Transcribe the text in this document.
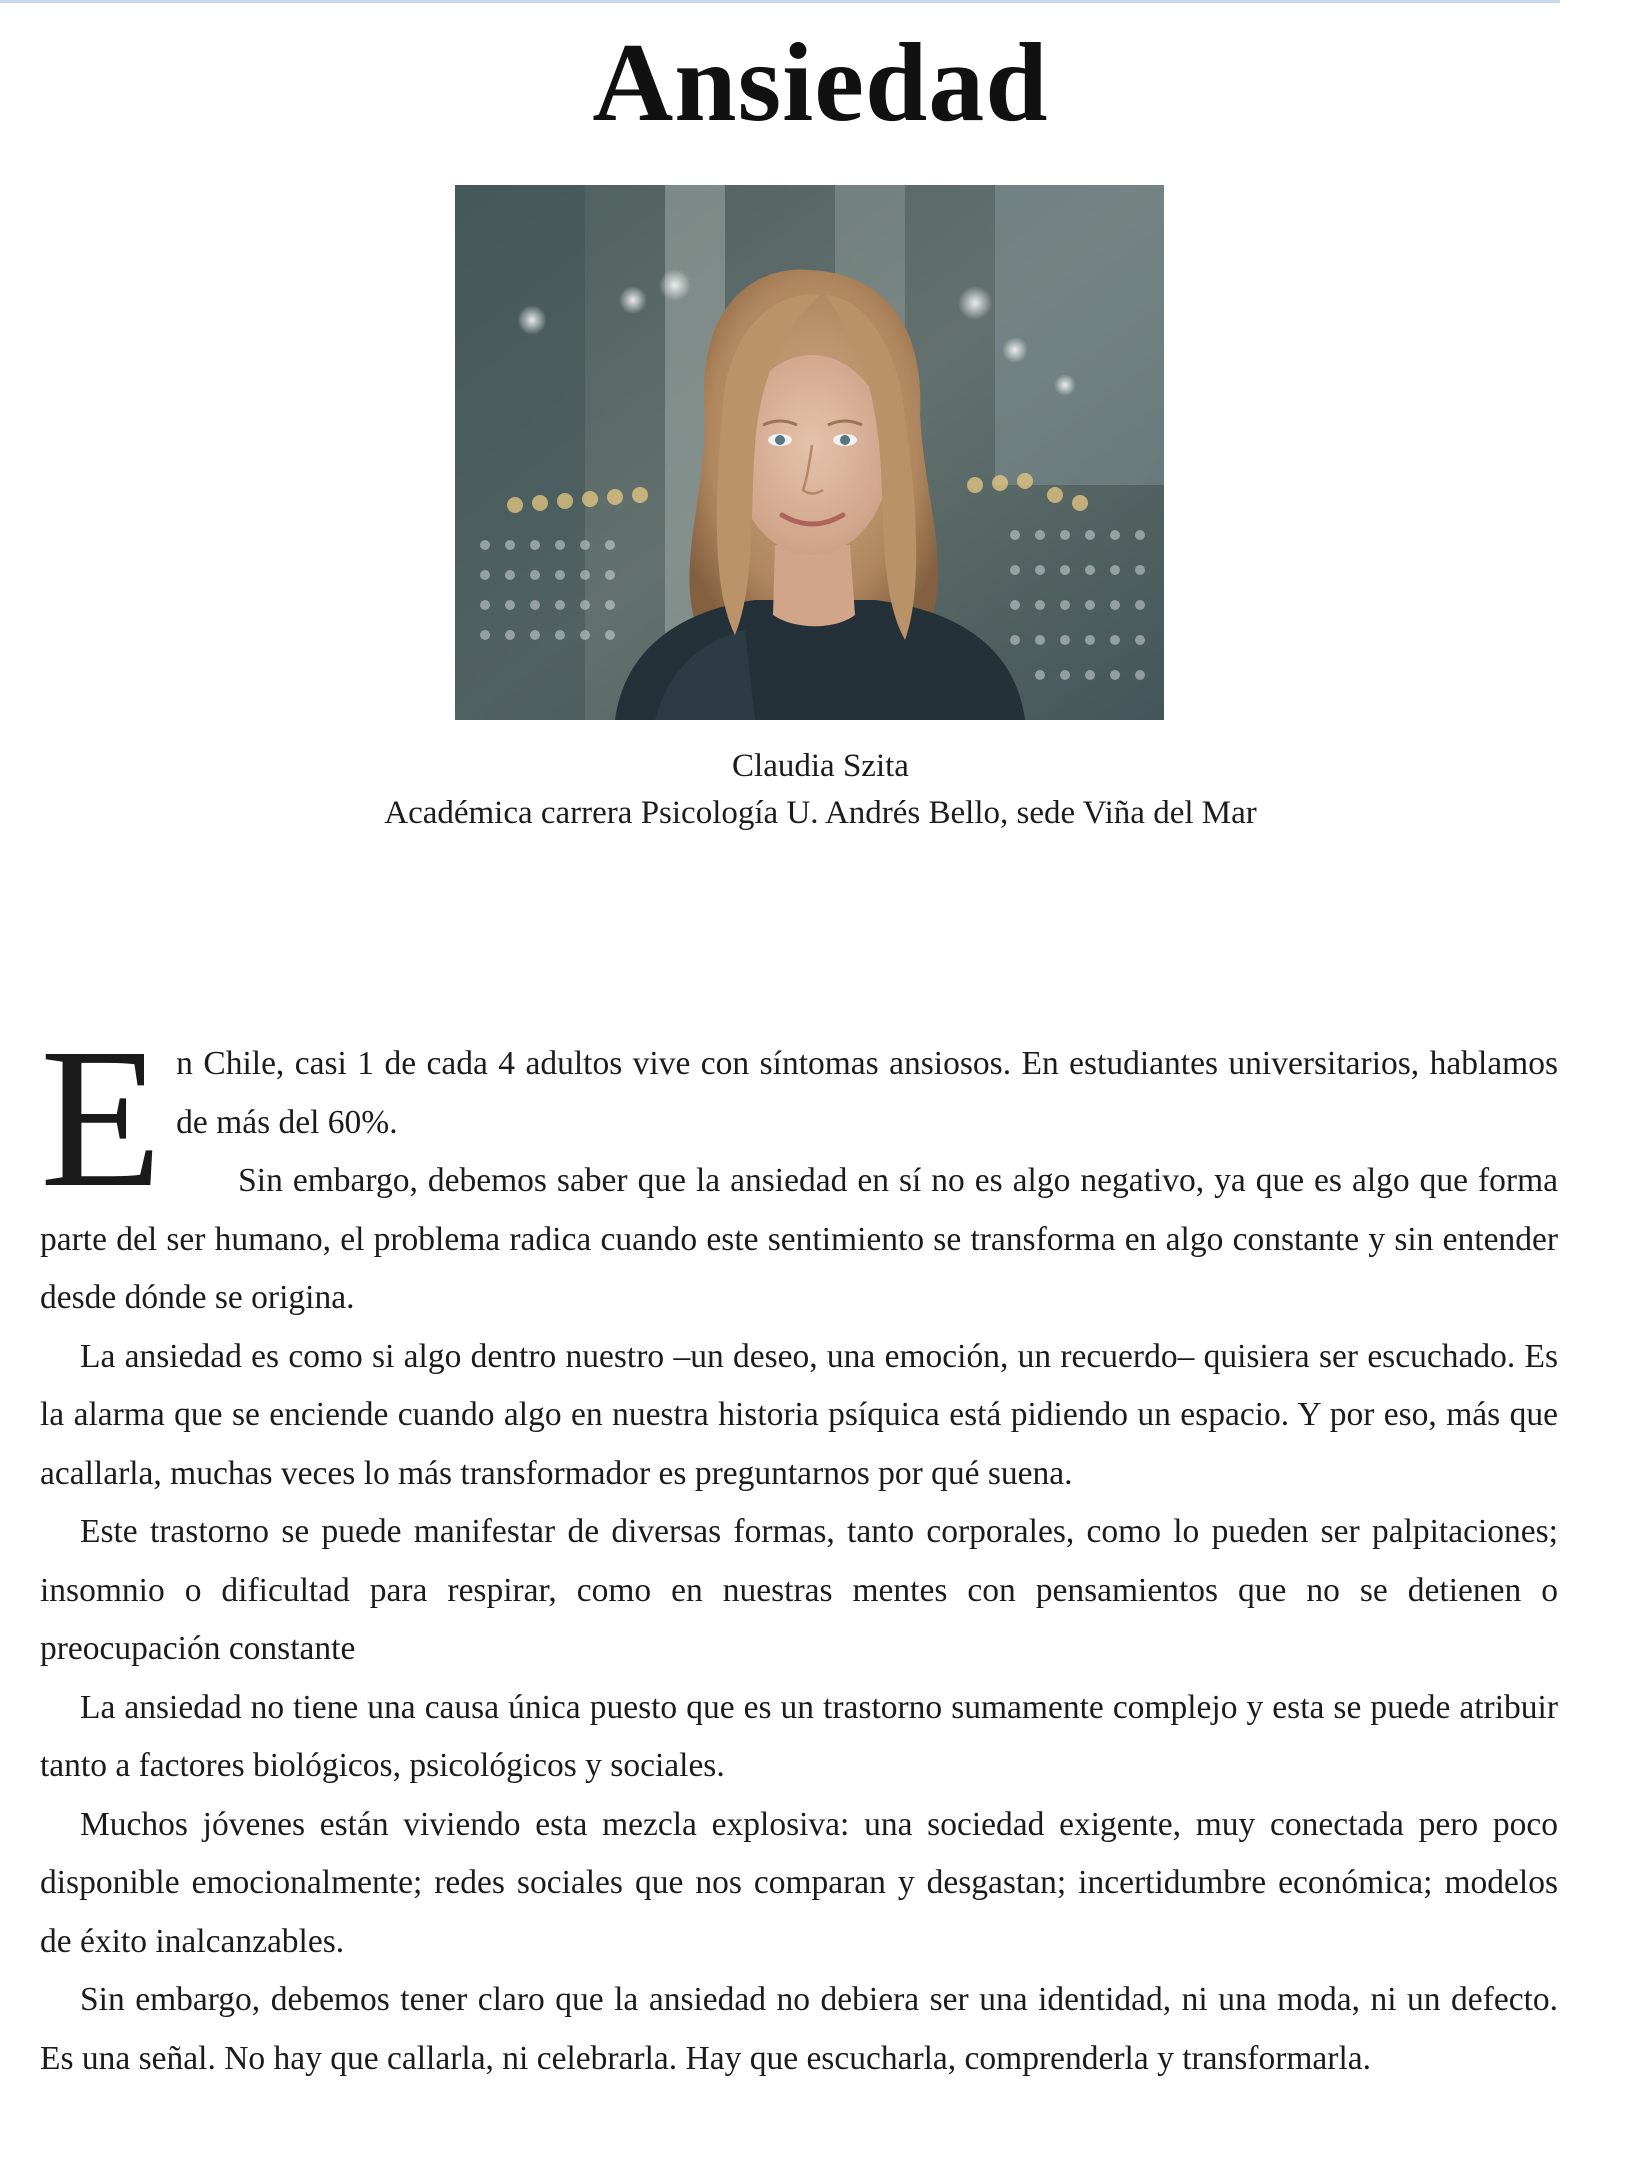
Ansiedad
Claudia Szita
Académica carrera Psicología U. Andrés Bello, sede Viña del Mar

En Chile, casi 1 de cada 4 adultos vive con síntomas ansiosos. En estudiantes universitarios, hablamos de más del 60%.

Sin embargo, debemos saber que la ansiedad en sí no es algo negativo, ya que es algo que forma parte del ser humano, el problema radica cuando este sentimiento se transforma en algo constante y sin entender desde dónde se origina.

La ansiedad es como si algo dentro nuestro –un deseo, una emoción, un recuerdo– quisiera ser escuchado. Es la alarma que se enciende cuando algo en nuestra historia psíquica está pidiendo un espacio. Y por eso, más que acallarla, muchas veces lo más transformador es preguntarnos por qué suena.

Este trastorno se puede manifestar de diversas formas, tanto corporales, como lo pueden ser palpitaciones; insomnio o dificultad para respirar, como en nuestras mentes con pensamientos que no se detienen o preocupación constante

La ansiedad no tiene una causa única puesto que es un trastorno sumamente complejo y esta se puede atribuir tanto a factores biológicos, psicológicos y sociales.

Muchos jóvenes están viviendo esta mezcla explosiva: una sociedad exigente, muy conectada pero poco disponible emocionalmente; redes sociales que nos comparan y desgastan; incertidumbre económica; modelos de éxito inalcanzables.

Sin embargo, debemos tener claro que la ansiedad no debiera ser una identidad, ni una moda, ni un defecto. Es una señal. No hay que callarla, ni celebrarla. Hay que escucharla, comprenderla y transformarla.
